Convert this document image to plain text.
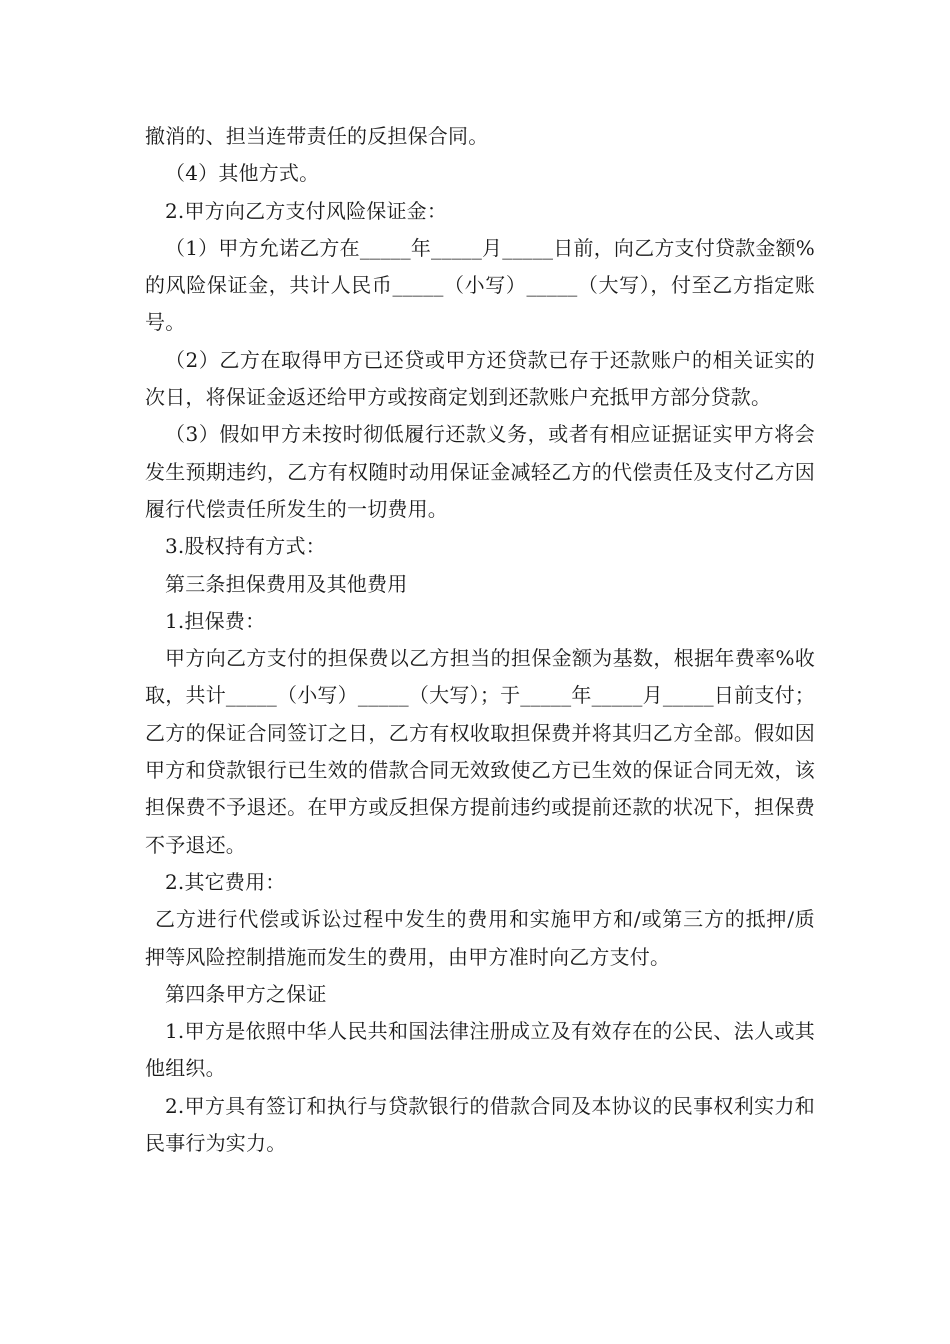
撤消的、担当连带责任的反担保合同。

（4）其他方式。

2.甲方向乙方支付风险保证金：

（1）甲方允诺乙方在_____年_____月_____日前，向乙方支付贷款金额%的风险保证金，共计人民币_____（小写）_____（大写），付至乙方指定账号。

（2）乙方在取得甲方已还贷或甲方还贷款已存于还款账户的相关证实的次日，将保证金返还给甲方或按商定划到还款账户充抵甲方部分贷款。

（3）假如甲方未按时彻低履行还款义务，或者有相应证据证实甲方将会发生预期违约，乙方有权随时动用保证金减轻乙方的代偿责任及支付乙方因履行代偿责任所发生的一切费用。

3.股权持有方式：

第三条担保费用及其他费用

1.担保费：

甲方向乙方支付的担保费以乙方担当的担保金额为基数，根据年费率%收取，共计_____（小写）_____（大写）；于_____年_____月_____日前支付；乙方的保证合同签订之日，乙方有权收取担保费并将其归乙方全部。假如因甲方和贷款银行已生效的借款合同无效致使乙方已生效的保证合同无效，该担保费不予退还。在甲方或反担保方提前违约或提前还款的状况下，担保费不予退还。

2.其它费用：

乙方进行代偿或诉讼过程中发生的费用和实施甲方和/或第三方的抵押/质押等风险控制措施而发生的费用，由甲方准时向乙方支付。

第四条甲方之保证

1.甲方是依照中华人民共和国法律注册成立及有效存在的公民、法人或其他组织。

2.甲方具有签订和执行与贷款银行的借款合同及本协议的民事权利实力和民事行为实力。
